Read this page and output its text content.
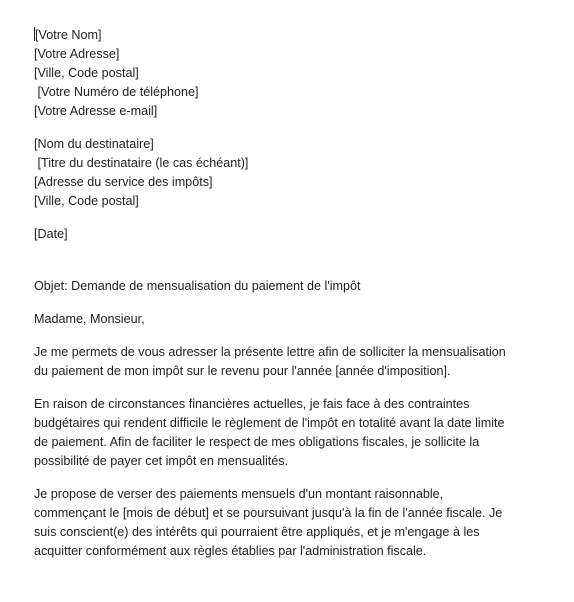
[Votre Nom]
[Votre Adresse]
[Ville, Code postal]
[Votre Numéro de téléphone]
[Votre Adresse e-mail]
[Nom du destinataire]
[Titre du destinataire (le cas échéant)]
[Adresse du service des impôts]
[Ville, Code postal]
[Date]
Objet: Demande de mensualisation du paiement de l'impôt
Madame, Monsieur,
Je me permets de vous adresser la présente lettre afin de solliciter la mensualisation
du paiement de mon impôt sur le revenu pour l'année [année d'imposition].
En raison de circonstances financières actuelles, je fais face à des contraintes
budgétaires qui rendent difficile le règlement de l'impôt en totalité avant la date limite
de paiement. Afin de faciliter le respect de mes obligations fiscales, je sollicite la
possibilité de payer cet impôt en mensualités.
Je propose de verser des paiements mensuels d'un montant raisonnable,
commençant le [mois de début] et se poursuivant jusqu'à la fin de l'année fiscale. Je
suis conscient(e) des intérêts qui pourraient être appliqués, et je m'engage à les
acquitter conformément aux règles établies par l'administration fiscale.
